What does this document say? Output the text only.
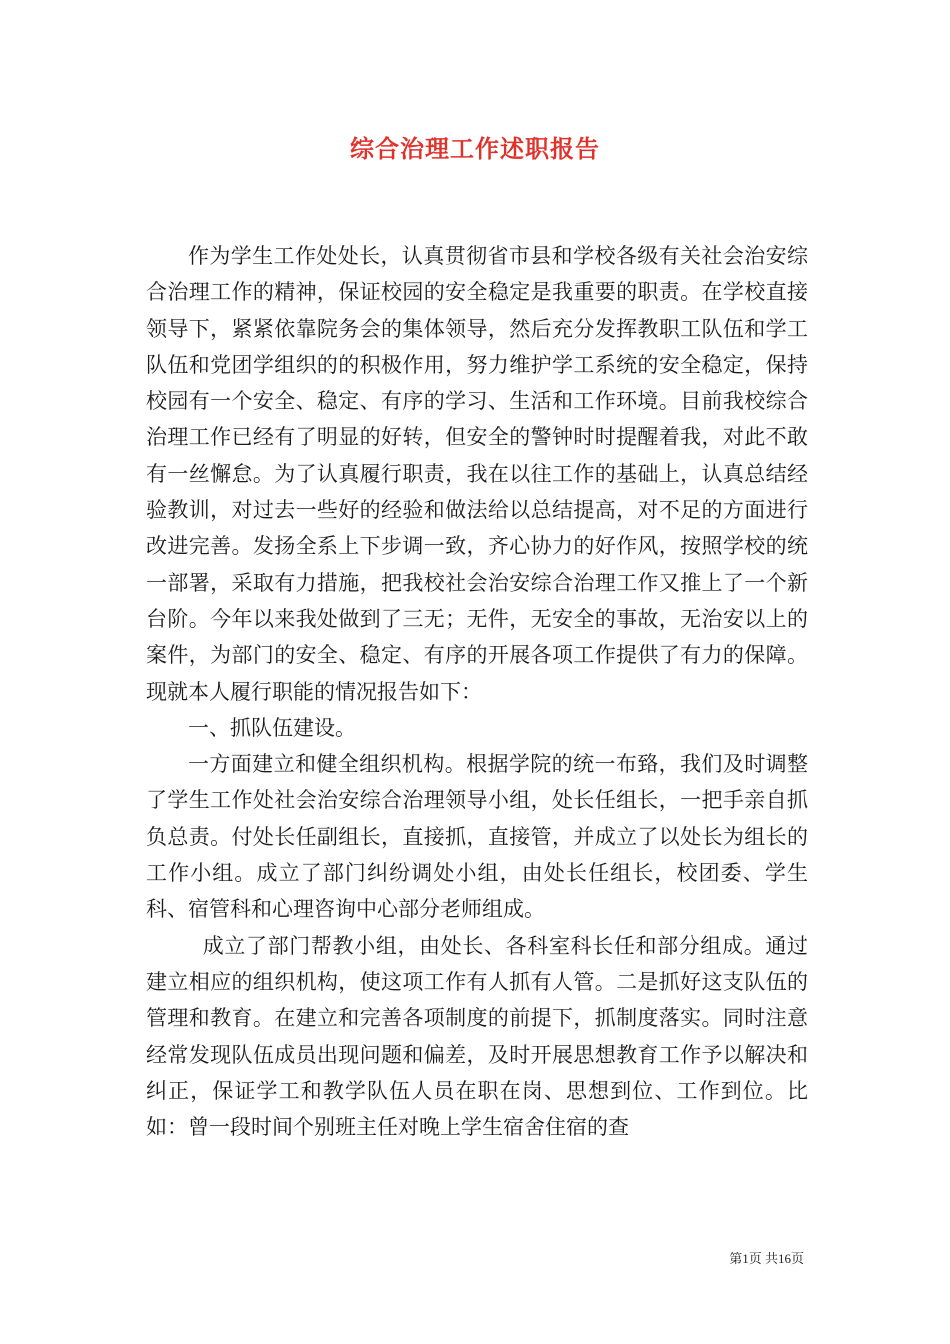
综合治理工作述职报告

作为学生工作处处长，认真贯彻省市县和学校各级有关社会治安综合治理工作的精神，保证校园的安全稳定是我重要的职责。在学校直接领导下，紧紧依靠院务会的集体领导，然后充分发挥教职工队伍和学工队伍和党团学组织的的积极作用，努力维护学工系统的安全稳定，保持校园有一个安全、稳定、有序的学习、生活和工作环境。目前我校综合治理工作已经有了明显的好转，但安全的警钟时时提醒着我，对此不敢有一丝懈怠。为了认真履行职责，我在以往工作的基础上，认真总结经验教训，对过去一些好的经验和做法给以总结提高，对不足的方面进行改进完善。发扬全系上下步调一致，齐心协力的好作风，按照学校的统一部署，采取有力措施，把我校社会治安综合治理工作又推上了一个新台阶。今年以来我处做到了三无；无件，无安全的事故，无治安以上的案件，为部门的安全、稳定、有序的开展各项工作提供了有力的保障。现就本人履行职能的情况报告如下：

一、抓队伍建设。

一方面建立和健全组织机构。根据学院的统一布臵，我们及时调整了学生工作处社会治安综合治理领导小组，处长任组长，一把手亲自抓负总责。付处长任副组长，直接抓，直接管，并成立了以处长为组长的工作小组。成立了部门纠纷调处小组，由处长任组长，校团委、学生科、宿管科和心理咨询中心部分老师组成。

成立了部门帮教小组，由处长、各科室科长任和部分组成。通过建立相应的组织机构，使这项工作有人抓有人管。二是抓好这支队伍的管理和教育。在建立和完善各项制度的前提下，抓制度落实。同时注意经常发现队伍成员出现问题和偏差，及时开展思想教育工作予以解决和纠正，保证学工和教学队伍人员在职在岗、思想到位、工作到位。比如：曾一段时间个别班主任对晚上学生宿舍住宿的查

第1页 共16页
